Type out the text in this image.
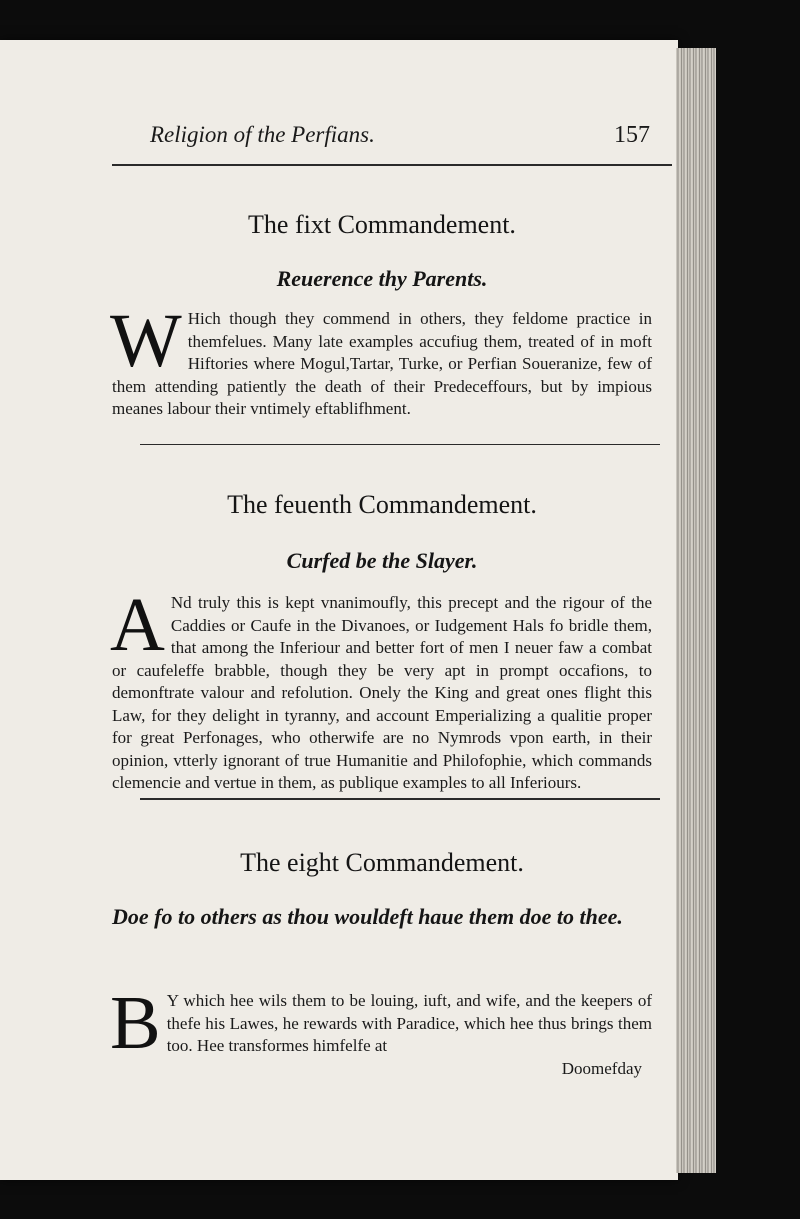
Religion of the Perfians.	157
The fixt Commandement.
Reuerence thy Parents.

W Hich though they commend in others, they feldome practice in themfelues. Many late examples accufiug them, treated of in moft Hiftories where Mogul,Tartar, Turke, or Perfian Soueranize, few of them attending patiently the death of their Predeceffours, but by impious meanes labour their vntimely eftablifhment.

The feuenth Commandement.
Curfed be the Slayer.

A Nd truly this is kept vnanimoufly, this precept and the rigour of the Caddies or Caufe in the Divanoes, or Iudgement Hals fo bridle them, that among the Inferiour and better fort of men I neuer faw a combat or caufeleffe brabble, though they be very apt in prompt occafions, to demonftrate valour and refolution. Onely the King and great ones flight this Law, for they delight in tyranny, and account Emperializing a qualitie proper for great Perfonages, who otherwife are no Nymrods vpon earth, in their opinion, vtterly ignorant of true Humanitie and Philofophie, which commands clemencie and vertue in them, as publique examples to all Inferiours.

The eight Commandement.
Doe fo to others as thou wouldeft haue them doe to thee.

B Y which hee wils them to be louing, iuft, and wife, and the keepers of thefe his Lawes, he rewards with Paradice, which hee thus brings them too. Hee transformes himfelfe at

Doomefday
